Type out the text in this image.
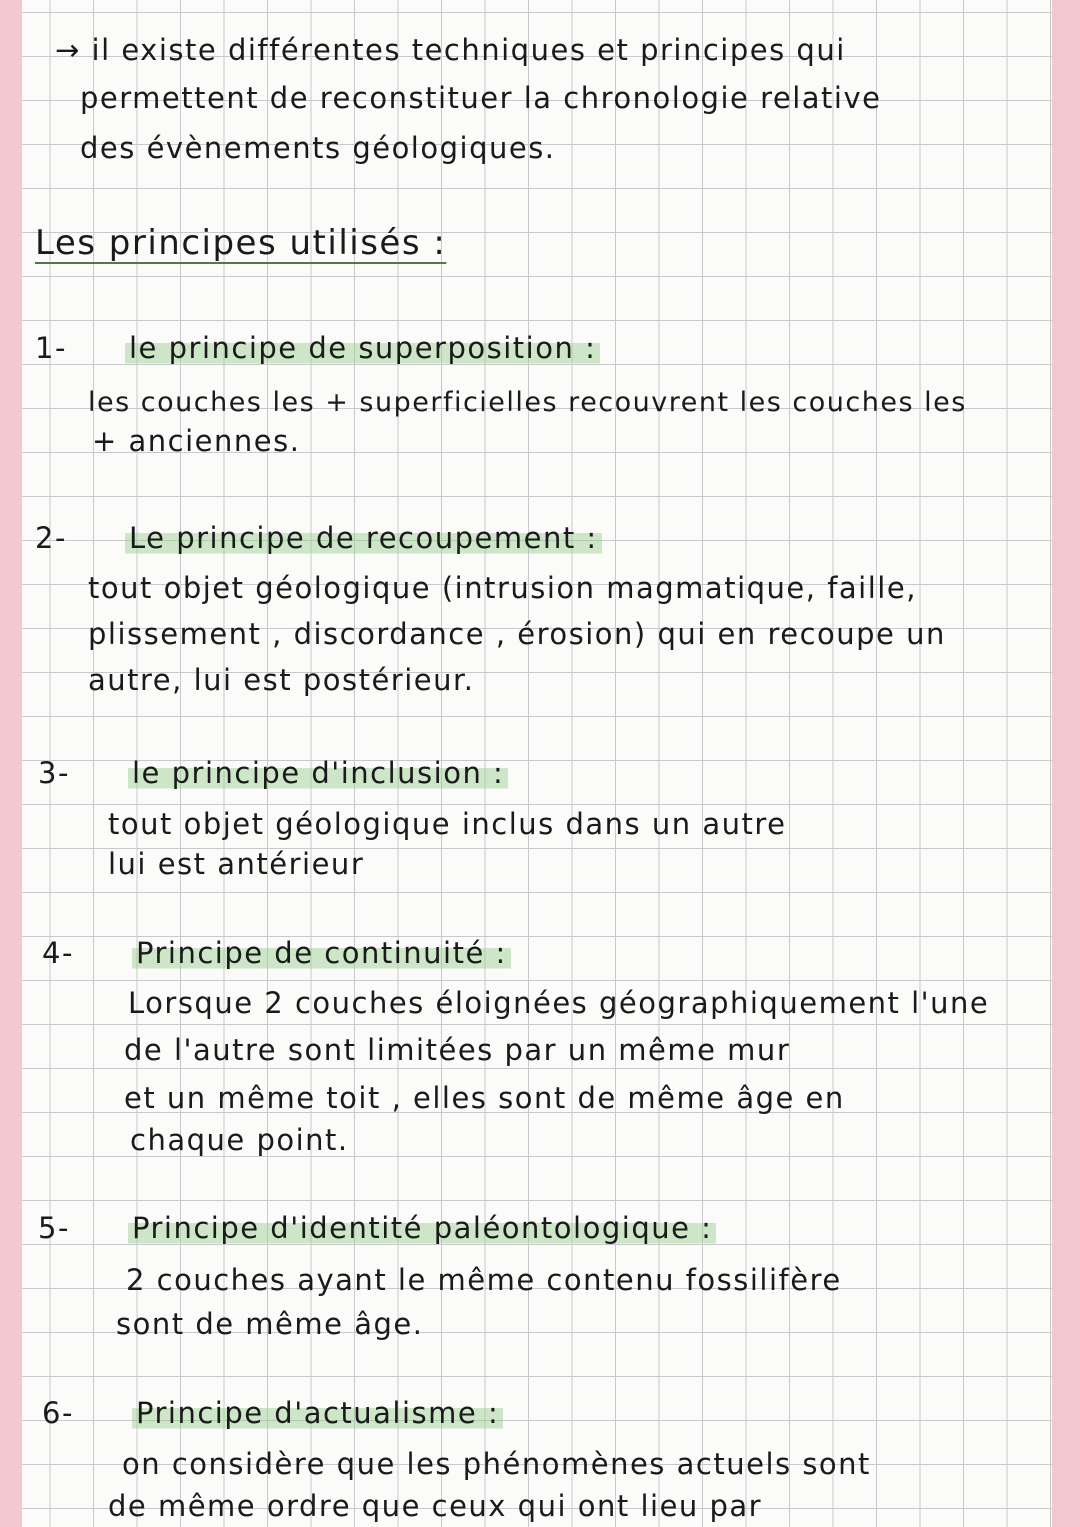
→ il existe différentes techniques et principes qui
permettent de reconstituer la chronologie relative
des évènements géologiques.
Les principes utilisés :
1- le principe de superposition :
les couches les + superficielles recouvrent les couches les
+ anciennes.
2- Le principe de recoupement :
tout objet géologique (intrusion magmatique, faille,
plissement , discordance , érosion) qui en recoupe un
autre, lui est postérieur.
3- le principe d'inclusion :
tout objet géologique inclus dans un autre
lui est antérieur
4- Principe de continuité :
Lorsque 2 couches éloignées géographiquement l'une
de l'autre sont limitées par un même mur
et un même toit , elles sont de même âge en
chaque point.
5- Principe d'identité paléontologique :
2 couches ayant le même contenu fossilifère
sont de même âge.
6- Principe d'actualisme :
on considère que les phénomènes actuels sont
de même ordre que ceux qui ont lieu par
